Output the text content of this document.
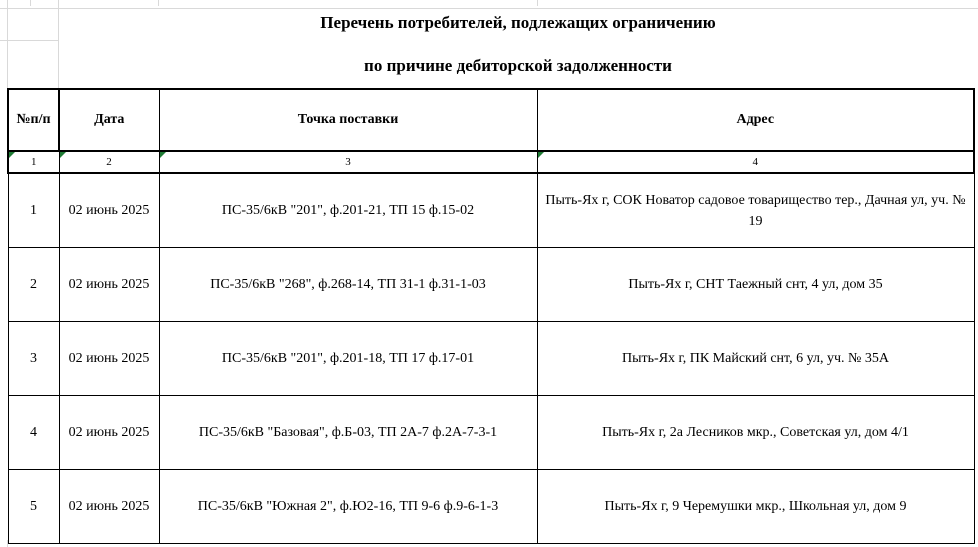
Перечень потребителей, подлежащих ограничению
по причине дебиторской задолженности
№п/п	Дата	Точка поставки	Адрес

1	2	3	4
1	02 июнь 2025	ПС-35/6кВ "201", ф.201-21, ТП 15 ф.15-02	Пыть-Ях г, СОК Новатор садовое товарищество тер., Дачная ул, уч. № 19
2	02 июнь 2025	ПС-35/6кВ "268", ф.268-14, ТП 31-1 ф.31-1-03	Пыть-Ях г, СНТ Таежный снт, 4 ул, дом 35
3	02 июнь 2025	ПС-35/6кВ "201", ф.201-18, ТП 17 ф.17-01	Пыть-Ях г, ПК Майский снт, 6 ул, уч. № 35А
4	02 июнь 2025	ПС-35/6кВ "Базовая", ф.Б-03, ТП 2А-7 ф.2А-7-3-1	Пыть-Ях г, 2а Лесников мкр., Советская ул, дом 4/1
5	02 июнь 2025	ПС-35/6кВ "Южная 2", ф.Ю2-16, ТП 9-6 ф.9-6-1-3	Пыть-Ях г, 9 Черемушки мкр., Школьная ул, дом 9
